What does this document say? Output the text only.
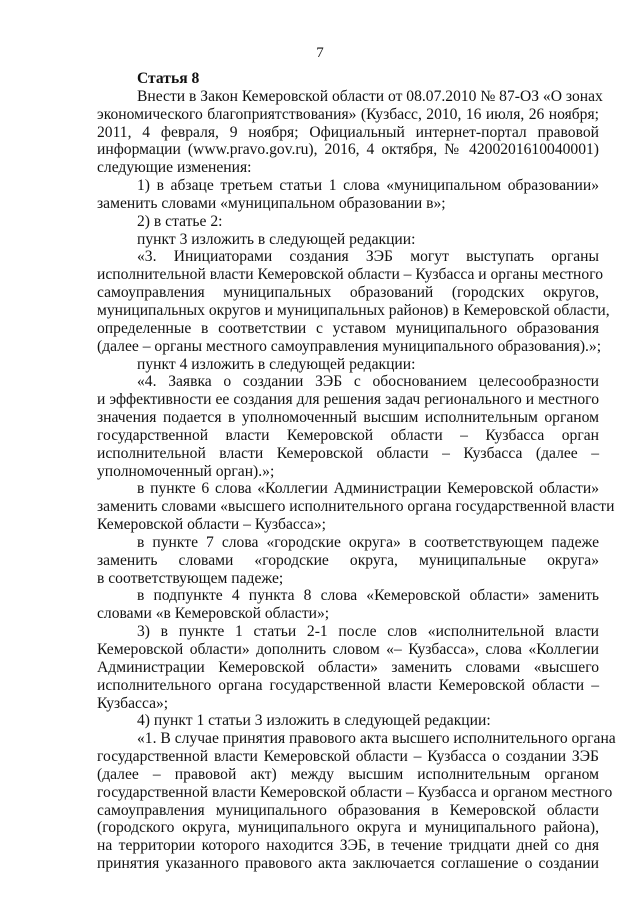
7
Статья 8
Внести в Закон Кемеровской области от 08.07.2010 № 87-ОЗ «О зонах
экономического благоприятствования» (Кузбасс, 2010, 16 июля, 26 ноября;
2011, 4 февраля, 9 ноября; Официальный интернет-портал правовой
информации (www.pravo.gov.ru), 2016, 4 октября, № 4200201610040001)
следующие изменения:
1) в абзаце третьем статьи 1 слова «муниципальном образовании»
заменить словами «муниципальном образовании в»;
2) в статье 2:
пункт 3 изложить в следующей редакции:
«3. Инициаторами создания ЗЭБ могут выступать органы
исполнительной власти Кемеровской области – Кузбасса и органы местного
самоуправления муниципальных образований (городских округов,
муниципальных округов и муниципальных районов) в Кемеровской области,
определенные в соответствии с уставом муниципального образования
(далее – органы местного самоуправления муниципального образования).»;
пункт 4 изложить в следующей редакции:
«4. Заявка о создании ЗЭБ с обоснованием целесообразности
и эффективности ее создания для решения задач регионального и местного
значения подается в уполномоченный высшим исполнительным органом
государственной власти Кемеровской области – Кузбасса орган
исполнительной власти Кемеровской области – Кузбасса (далее –
уполномоченный орган).»;
в пункте 6 слова «Коллегии Администрации Кемеровской области»
заменить словами «высшего исполнительного органа государственной власти
Кемеровской области – Кузбасса»;
в пункте 7 слова «городские округа» в соответствующем падеже
заменить словами «городские округа, муниципальные округа»
в соответствующем падеже;
в подпункте 4 пункта 8 слова «Кемеровской области» заменить
словами «в Кемеровской области»;
3) в пункте 1 статьи 2-1 после слов «исполнительной власти
Кемеровской области» дополнить словом «– Кузбасса», слова «Коллегии
Администрации Кемеровской области» заменить словами «высшего
исполнительного органа государственной власти Кемеровской области –
Кузбасса»;
4) пункт 1 статьи 3 изложить в следующей редакции:
«1. В случае принятия правового акта высшего исполнительного органа
государственной власти Кемеровской области – Кузбасса о создании ЗЭБ
(далее – правовой акт) между высшим исполнительным органом
государственной власти Кемеровской области – Кузбасса и органом местного
самоуправления муниципального образования в Кемеровской области
(городского округа, муниципального округа и муниципального района),
на территории которого находится ЗЭБ, в течение тридцати дней со дня
принятия указанного правового акта заключается соглашение о создании
